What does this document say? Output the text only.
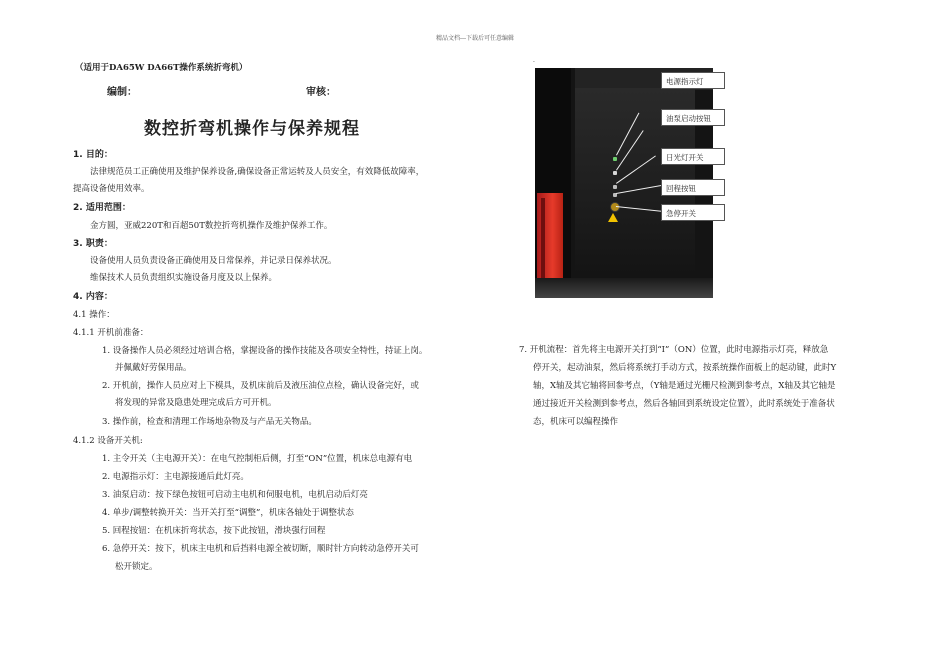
精品文档---下载后可任意编辑
（适用于DA65W DA66T操作系统折弯机）
编制：	审核：
数控折弯机操作与保养规程
1. 目的：
法律规范员工正确使用及维护保养设备,确保设备正常运转及人员安全，有效降低故障率，
提高设备使用效率。
2. 适用范围：
金方圆，亚威220T和百超50T数控折弯机操作及维护保养工作。
3. 职责：
设备使用人员负责设备正确使用及日常保养，并记录日保养状况。
维保技术人员负责组织实施设备月度及以上保养。
4. 内容：
4.1 操作：
4.1.1 开机前准备：
1. 设备操作人员必须经过培训合格，掌握设备的操作技能及各项安全特性，持证上岗。
并佩戴好劳保用品。
2. 开机前，操作人员应对上下模具，及机床前后及液压油位点检，确认设备完好，或
将发现的异常及隐患处理完成后方可开机。
3. 操作前，检查和清理工作场地杂物及与产品无关物品。
4.1.2 设备开关机:
1. 主令开关（主电源开关）：在电气控制柜后侧，打至“ON”位置，机床总电源有电
2. 电源指示灯：主电源接通后此灯亮。
3. 油泵启动：按下绿色按钮可启动主电机和伺服电机，电机启动后灯亮
4. 单步/调整转换开关：当开关打至“调整”，机床各轴处于调整状态
5. 回程按钮：在机床折弯状态，按下此按钮，滑块强行回程
6. 急停开关：按下，机床主电机和后挡料电源全被切断，顺时针方向转动急停开关可
松开锁定。
.
电源指示灯
油泵启动按钮
日光灯开关
回程按钮
急停开关
7. 开机流程：首先将主电源开关打到“Ⅰ”（ON）位置，此时电源指示灯亮，释放急
停开关，起动油泵，然后将系统打手动方式，按系统操作面板上的起动键，此时Y
轴，X轴及其它轴将回参考点，（Y轴是通过光栅尺检测到参考点，X轴及其它轴是
通过接近开关检测到参考点，然后各轴回到系统设定位置），此时系统处于准备状
态，机床可以编程操作
